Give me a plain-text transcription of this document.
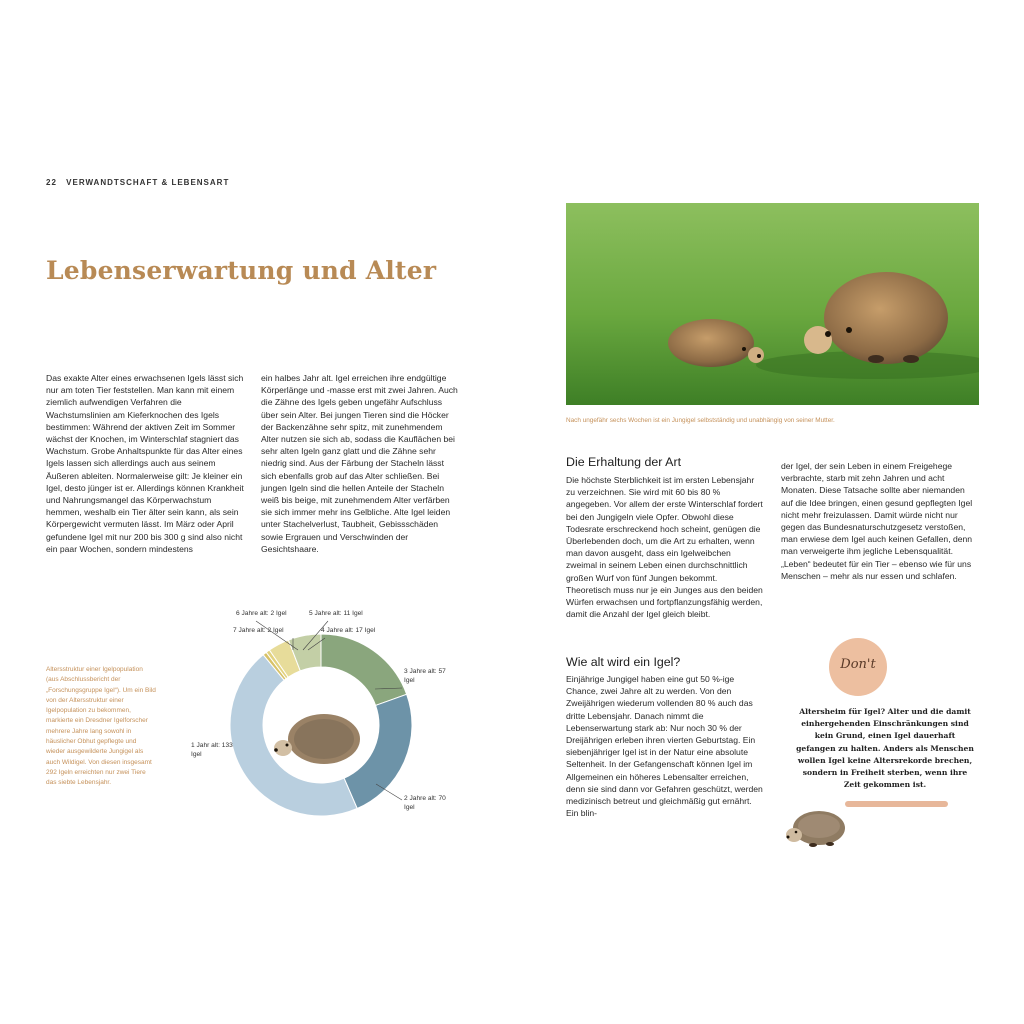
22 VERWANDTSCHAFT & LEBENSART
Lebenserwartung und Alter

Das exakte Alter eines erwachsenen Igels lässt sich nur am toten Tier feststellen. Man kann mit einem ziemlich aufwendigen Verfahren die Wachstumslinien am Kieferknochen des Igels bestimmen: Während der aktiven Zeit im Sommer wächst der Knochen, im Winterschlaf stagniert das Wachstum. Grobe Anhaltspunkte für das Alter eines Igels lassen sich allerdings auch aus seinem Äußeren ableiten. Normalerweise gilt: Je kleiner ein Igel, desto jünger ist er. Allerdings können Krankheit und Nahrungsmangel das Körperwachstum hemmen, weshalb ein Tier älter sein kann, als sein Körpergewicht vermuten lässt. Im März oder April gefundene Igel mit nur 200 bis 300 g sind also nicht ein paar Wochen, sondern mindestens

ein halbes Jahr alt. Igel erreichen ihre endgültige Körperlänge und -masse erst mit zwei Jahren. Auch die Zähne des Igels geben ungefähr Aufschluss über sein Alter. Bei jungen Tieren sind die Höcker der Backenzähne sehr spitz, mit zunehmendem Alter nutzen sie sich ab, sodass die Kauflächen bei sehr alten Igeln ganz glatt und die Zähne sehr niedrig sind. Aus der Färbung der Stacheln lässt sich ebenfalls grob auf das Alter schließen. Bei jungen Igeln sind die hellen Anteile der Stacheln weiß bis beige, mit zunehmendem Alter verfärben sie sich immer mehr ins Gelbliche. Alte Igel leiden unter Stachelverlust, Taubheit, Gebissschäden sowie Ergrauen und Verschwinden der Gesichtshaare.

Nach ungefähr sechs Wochen ist ein Jungigel selbstständig und unabhängig von seiner Mutter.
Die Erhaltung der Art

Die höchste Sterblichkeit ist im ersten Lebensjahr zu verzeichnen. Sie wird mit 60 bis 80 % angegeben. Vor allem der erste Winterschlaf fordert bei den Jungigeln viele Opfer. Obwohl diese Todesrate erschreckend hoch scheint, genügen die Überlebenden doch, um die Art zu erhalten, wenn man davon ausgeht, dass ein Igelweibchen zweimal in seinem Leben einen durchschnittlich großen Wurf von fünf Jungen bekommt. Theoretisch muss nur je ein Junges aus den beiden Würfen erwachsen und fortpflanzungsfähig werden, damit die Anzahl der Igel gleich bleibt.

Wie alt wird ein Igel?

Einjährige Jungigel haben eine gut 50 %-ige Chance, zwei Jahre alt zu werden. Von den Zweijährigen wiederum vollenden 80 % auch das dritte Lebensjahr. Danach nimmt die Lebenserwartung stark ab: Nur noch 30 % der Dreijährigen erleben ihren vierten Geburtstag. Ein siebenjähriger Igel ist in der Natur eine absolute Seltenheit. In der Gefangenschaft können Igel im Allgemeinen ein höheres Lebensalter erreichen, denn sie sind dann vor Gefahren geschützt, werden medizinisch betreut und gleichmäßig gut ernährt. Ein blin-

der Igel, der sein Leben in einem Freigehege verbrachte, starb mit zehn Jahren und acht Monaten. Diese Tatsache sollte aber niemanden auf die Idee bringen, einen gesund gepflegten Igel nicht mehr freizulassen. Damit würde nicht nur gegen das Bundesnaturschutzgesetz verstoßen, man erwiese dem Igel auch keinen Gefallen, denn man verweigerte ihm jegliche Lebensqualität. „Leben“ bedeutet für ein Tier – ebenso wie für uns Menschen – mehr als nur essen und schlafen.

Altersstruktur einer Igelpopulation (aus Abschlussbericht der „Forschungsgruppe Igel“). Um ein Bild von der Altersstruktur einer Igelpopulation zu bekommen, markierte ein Dresdner Igelforscher mehrere Jahre lang sowohl in häuslicher Obhut gepflegte und wieder ausgewilderte Jungigel als auch Wildigel. Von diesen insgesamt 292 Igeln erreichten nur zwei Tiere das siebte Lebensjahr.
6 Jahre alt: 2 Igel	5 Jahre alt: 11 Igel
7 Jahre alt: 2 Igel	4 Jahre alt: 17 Igel
3 Jahre alt: 57 Igel
1 Jahr alt: 133 Igel
2 Jahre alt: 70 Igel
Don't
Altersheim für Igel? Alter und die damit einhergehenden Einschränkungen sind kein Grund, einen Igel dauerhaft gefangen zu halten. Anders als Menschen wollen Igel keine Altersrekorde brechen, sondern in Freiheit sterben, wenn ihre Zeit gekommen ist.
